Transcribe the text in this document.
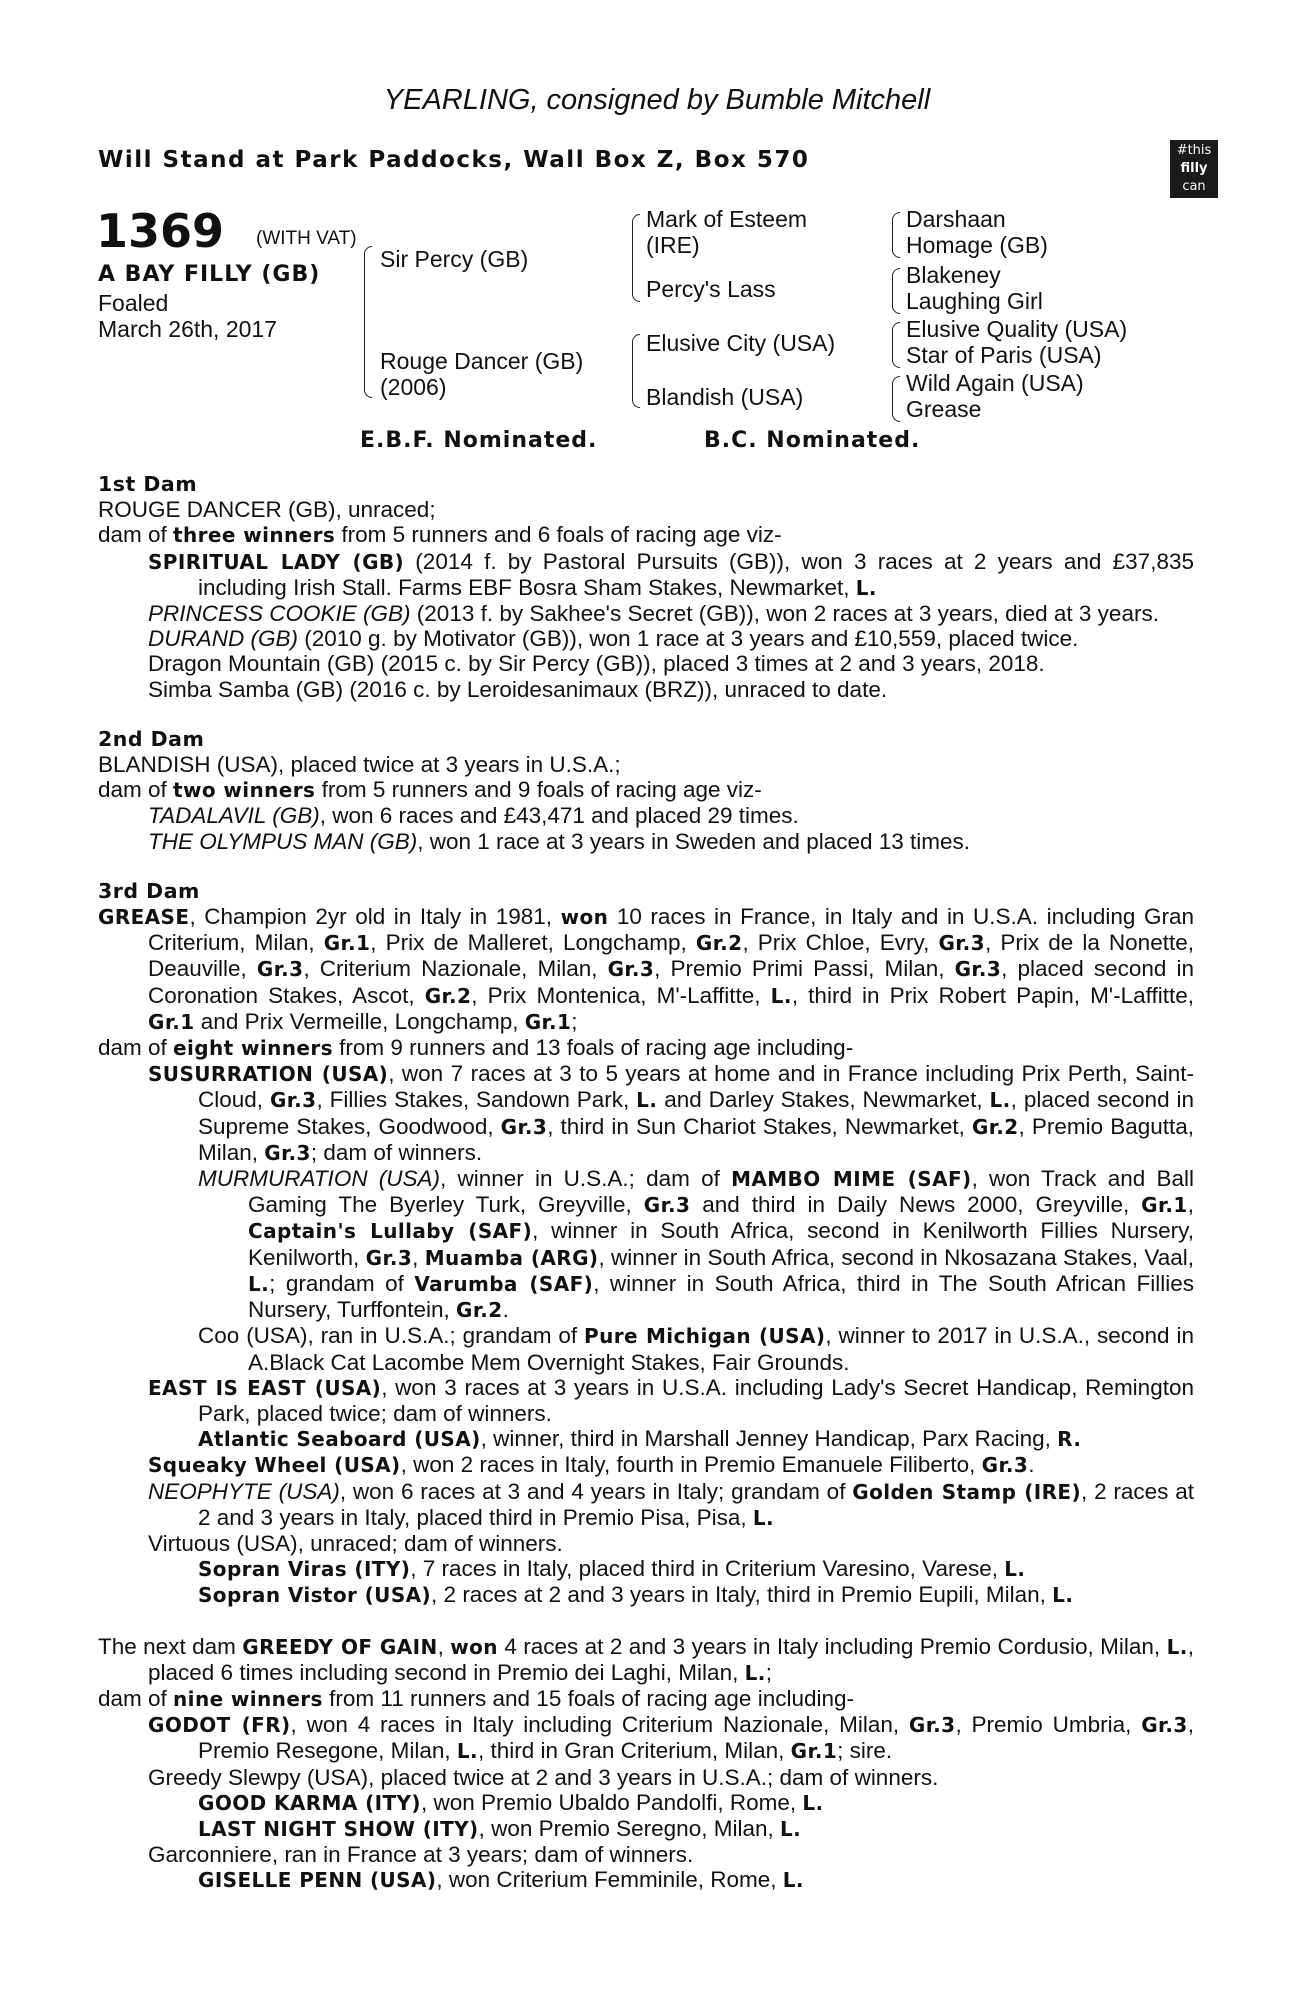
YEARLING, consigned by Bumble Mitchell
Will Stand at Park Paddocks, Wall Box Z, Box 570	#this
filly
can
1369 (WITH VAT)
A BAY FILLY (GB)
Foaled
March 26th, 2017
Sir Percy (GB)
Rouge Dancer (GB)
(2006)
Mark of Esteem
(IRE)
Percy's Lass
Elusive City (USA)
Blandish (USA)
Darshaan
Homage (GB)
Blakeney
Laughing Girl
Elusive Quality (USA)
Star of Paris (USA)
Wild Again (USA)
Grease
E.B.F. Nominated.	B.C. Nominated.
1st Dam
ROUGE DANCER (GB), unraced;
dam of three winners from 5 runners and 6 foals of racing age viz-
SPIRITUAL LADY (GB) (2014 f. by Pastoral Pursuits (GB)), won 3 races at 2 years and £37,835 including Irish Stall. Farms EBF Bosra Sham Stakes, Newmarket, L.
PRINCESS COOKIE (GB) (2013 f. by Sakhee's Secret (GB)), won 2 races at 3 years, died at 3 years.
DURAND (GB) (2010 g. by Motivator (GB)), won 1 race at 3 years and £10,559, placed twice.
Dragon Mountain (GB) (2015 c. by Sir Percy (GB)), placed 3 times at 2 and 3 years, 2018.
Simba Samba (GB) (2016 c. by Leroidesanimaux (BRZ)), unraced to date.
2nd Dam
BLANDISH (USA), placed twice at 3 years in U.S.A.;
dam of two winners from 5 runners and 9 foals of racing age viz-
TADALAVIL (GB), won 6 races and £43,471 and placed 29 times.
THE OLYMPUS MAN (GB), won 1 race at 3 years in Sweden and placed 13 times.
3rd Dam
GREASE, Champion 2yr old in Italy in 1981, won 10 races in France, in Italy and in U.S.A. including Gran Criterium, Milan, Gr.1, Prix de Malleret, Longchamp, Gr.2, Prix Chloe, Evry, Gr.3, Prix de la Nonette, Deauville, Gr.3, Criterium Nazionale, Milan, Gr.3, Premio Primi Passi, Milan, Gr.3, placed second in Coronation Stakes, Ascot, Gr.2, Prix Montenica, M'-Laffitte, L., third in Prix Robert Papin, M'-Laffitte, Gr.1 and Prix Vermeille, Longchamp, Gr.1;
dam of eight winners from 9 runners and 13 foals of racing age including-
SUSURRATION (USA), won 7 races at 3 to 5 years at home and in France including Prix Perth, Saint-Cloud, Gr.3, Fillies Stakes, Sandown Park, L. and Darley Stakes, Newmarket, L., placed second in Supreme Stakes, Goodwood, Gr.3, third in Sun Chariot Stakes, Newmarket, Gr.2, Premio Bagutta, Milan, Gr.3; dam of winners.
MURMURATION (USA), winner in U.S.A.; dam of MAMBO MIME (SAF), won Track and Ball Gaming The Byerley Turk, Greyville, Gr.3 and third in Daily News 2000, Greyville, Gr.1, Captain's Lullaby (SAF), winner in South Africa, second in Kenilworth Fillies Nursery, Kenilworth, Gr.3, Muamba (ARG), winner in South Africa, second in Nkosazana Stakes, Vaal, L.; grandam of Varumba (SAF), winner in South Africa, third in The South African Fillies Nursery, Turffontein, Gr.2.
Coo (USA), ran in U.S.A.; grandam of Pure Michigan (USA), winner to 2017 in U.S.A., second in A.Black Cat Lacombe Mem Overnight Stakes, Fair Grounds.
EAST IS EAST (USA), won 3 races at 3 years in U.S.A. including Lady's Secret Handicap, Remington Park, placed twice; dam of winners.
Atlantic Seaboard (USA), winner, third in Marshall Jenney Handicap, Parx Racing, R.
Squeaky Wheel (USA), won 2 races in Italy, fourth in Premio Emanuele Filiberto, Gr.3.
NEOPHYTE (USA), won 6 races at 3 and 4 years in Italy; grandam of Golden Stamp (IRE), 2 races at 2 and 3 years in Italy, placed third in Premio Pisa, Pisa, L.
Virtuous (USA), unraced; dam of winners.
Sopran Viras (ITY), 7 races in Italy, placed third in Criterium Varesino, Varese, L.
Sopran Vistor (USA), 2 races at 2 and 3 years in Italy, third in Premio Eupili, Milan, L.
The next dam GREEDY OF GAIN, won 4 races at 2 and 3 years in Italy including Premio Cordusio, Milan, L., placed 6 times including second in Premio dei Laghi, Milan, L.;
dam of nine winners from 11 runners and 15 foals of racing age including-
GODOT (FR), won 4 races in Italy including Criterium Nazionale, Milan, Gr.3, Premio Umbria, Gr.3, Premio Resegone, Milan, L., third in Gran Criterium, Milan, Gr.1; sire.
Greedy Slewpy (USA), placed twice at 2 and 3 years in U.S.A.; dam of winners.
GOOD KARMA (ITY), won Premio Ubaldo Pandolfi, Rome, L.
LAST NIGHT SHOW (ITY), won Premio Seregno, Milan, L.
Garconniere, ran in France at 3 years; dam of winners.
GISELLE PENN (USA), won Criterium Femminile, Rome, L.
